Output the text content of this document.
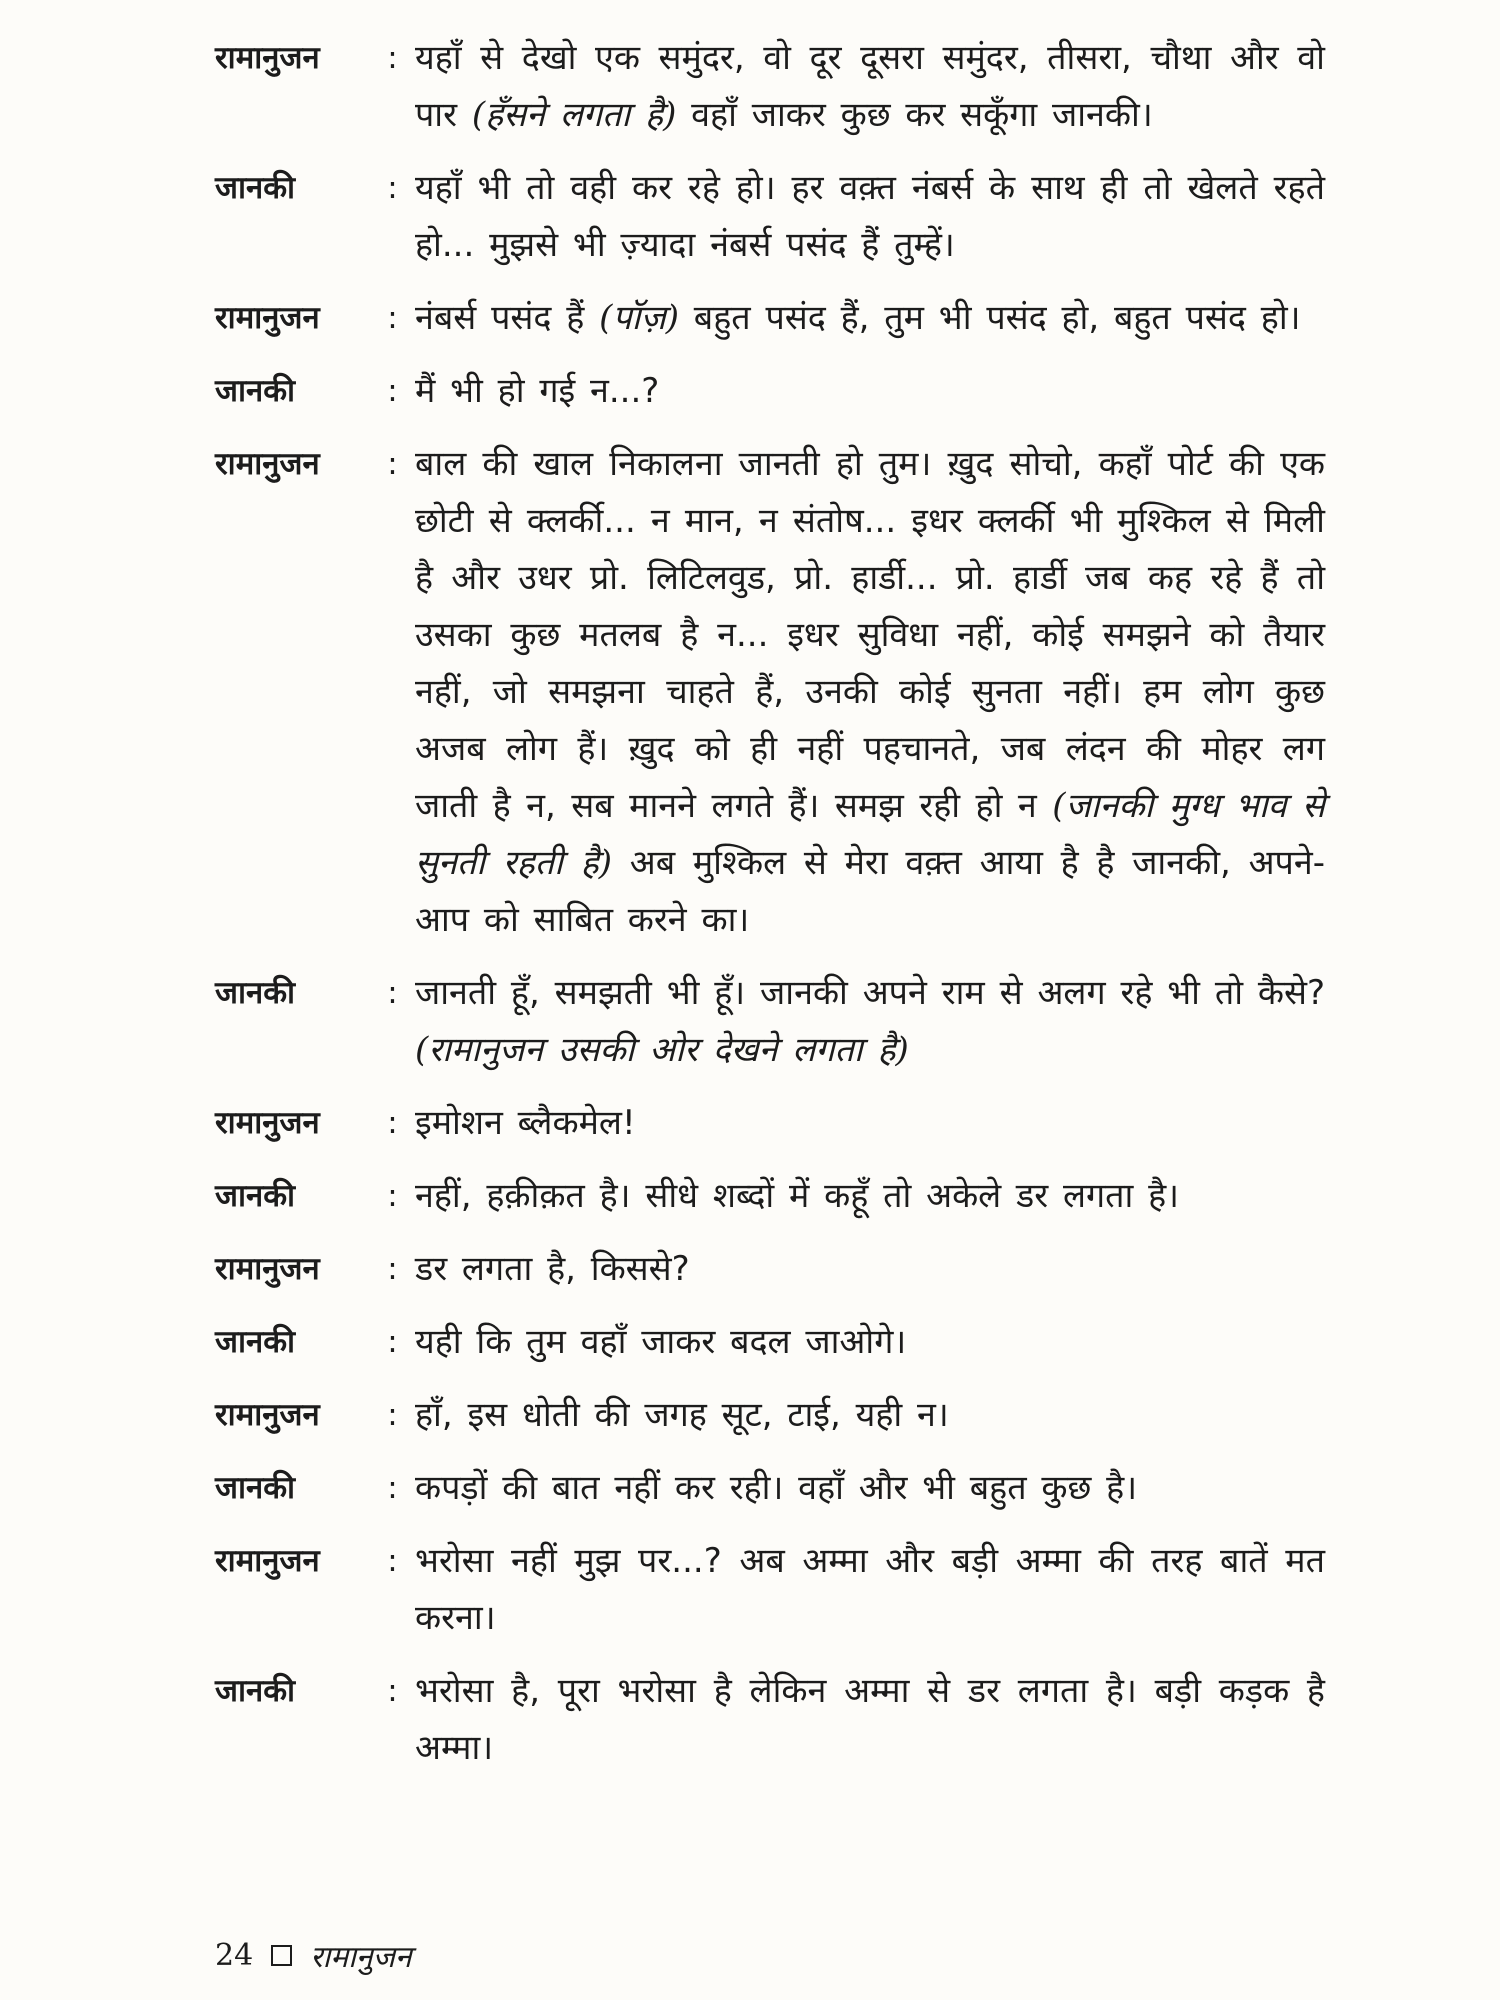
रामानुजन	: यहाँ से देखो एक समुंदर, वो दूर दूसरा समुंदर, तीसरा, चौथा और वो पार (हँसने लगता है) वहाँ जाकर कुछ कर सकूँगा जानकी।
जानकी	: यहाँ भी तो वही कर रहे हो। हर वक़्त नंबर्स के साथ ही तो खेलते रहते हो... मुझसे भी ज़्यादा नंबर्स पसंद हैं तुम्हें।
रामानुजन	: नंबर्स पसंद हैं (पॉज़) बहुत पसंद हैं, तुम भी पसंद हो, बहुत पसंद हो।
जानकी	: मैं भी हो गई न...?
रामानुजन	: बाल की खाल निकालना जानती हो तुम। ख़ुद सोचो, कहाँ पोर्ट की एक छोटी से क्लर्की... न मान, न संतोष... इधर क्लर्की भी मुश्किल से मिली है और उधर प्रो. लिटिलवुड, प्रो. हार्डी... प्रो. हार्डी जब कह रहे हैं तो उसका कुछ मतलब है न... इधर सुविधा नहीं, कोई समझने को तैयार नहीं, जो समझना चाहते हैं, उनकी कोई सुनता नहीं। हम लोग कुछ अजब लोग हैं। ख़ुद को ही नहीं पहचानते, जब लंदन की मोहर लग जाती है न, सब मानने लगते हैं। समझ रही हो न (जानकी मुग्ध भाव से सुनती रहती है) अब मुश्किल से मेरा वक़्त आया है है जानकी, अपने-आप को साबित करने का।
जानकी	: जानती हूँ, समझती भी हूँ। जानकी अपने राम से अलग रहे भी तो कैसे? (रामानुजन उसकी ओर देखने लगता है)
रामानुजन	: इमोशन ब्लैकमेल!
जानकी	: नहीं, हक़ीक़त है। सीधे शब्दों में कहूँ तो अकेले डर लगता है।
रामानुजन	: डर लगता है, किससे?
जानकी	: यही कि तुम वहाँ जाकर बदल जाओगे।
रामानुजन	: हाँ, इस धोती की जगह सूट, टाई, यही न।
जानकी	: कपड़ों की बात नहीं कर रही। वहाँ और भी बहुत कुछ है।
रामानुजन	: भरोसा नहीं मुझ पर...? अब अम्मा और बड़ी अम्मा की तरह बातें मत करना।
जानकी	: भरोसा है, पूरा भरोसा है लेकिन अम्मा से डर लगता है। बड़ी कड़क है अम्मा।
24 रामानुजन
